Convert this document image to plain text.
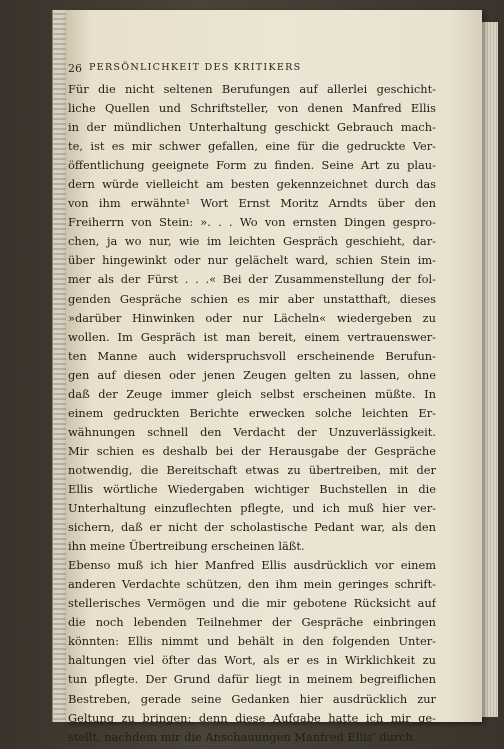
26 PERSÖNLICHKEIT DES KRITIKERS
Für die nicht seltenen Berufungen auf allerlei geschicht-
liche Quellen und Schriftsteller, von denen Manfred Ellis
in der mündlichen Unterhaltung geschickt Gebrauch mach-
te, ist es mir schwer gefallen, eine für die gedruckte Ver-
öffentlichung geeignete Form zu finden. Seine Art zu plau-
dern würde vielleicht am besten gekennzeichnet durch das
von ihm erwähnte¹ Wort Ernst Moritz Arndts über den
Freiherrn von Stein: ». . . Wo von ernsten Dingen gespro-
chen, ja wo nur, wie im leichten Gespräch geschieht, dar-
über hingewinkt oder nur gelächelt ward, schien Stein im-
mer als der Fürst . . .« Bei der Zusammenstellung der fol-
genden Gespräche schien es mir aber unstatthaft, dieses
»darüber Hinwinken oder nur Lächeln« wiedergeben zu
wollen. Im Gespräch ist man bereit, einem vertrauenswer-
ten Manne auch widerspruchsvoll erscheinende Berufun-
gen auf diesen oder jenen Zeugen gelten zu lassen, ohne
daß der Zeuge immer gleich selbst erscheinen müßte. In
einem gedruckten Berichte erwecken solche leichten Er-
wähnungen schnell den Verdacht der Unzuverlässigkeit.
Mir schien es deshalb bei der Herausgabe der Gespräche
notwendig, die Bereitschaft etwas zu übertreiben, mit der
Ellis wörtliche Wiedergaben wichtiger Buchstellen in die
Unterhaltung einzuflechten pflegte, und ich muß hier ver-
sichern, daß er nicht der scholastische Pedant war, als den
ihn meine Übertreibung erscheinen läßt.
Ebenso muß ich hier Manfred Ellis ausdrücklich vor einem
anderen Verdachte schützen, den ihm mein geringes schrift-
stellerisches Vermögen und die mir gebotene Rücksicht auf
die noch lebenden Teilnehmer der Gespräche einbringen
könnten: Ellis nimmt und behält in den folgenden Unter-
haltungen viel öfter das Wort, als er es in Wirklichkeit zu
tun pflegte. Der Grund dafür liegt in meinem begreiflichen
Bestreben, gerade seine Gedanken hier ausdrücklich zur
Geltung zu bringen; denn diese Aufgabe hatte ich mir ge-
stellt, nachdem mir die Anschauungen Manfred Ellis' durch
